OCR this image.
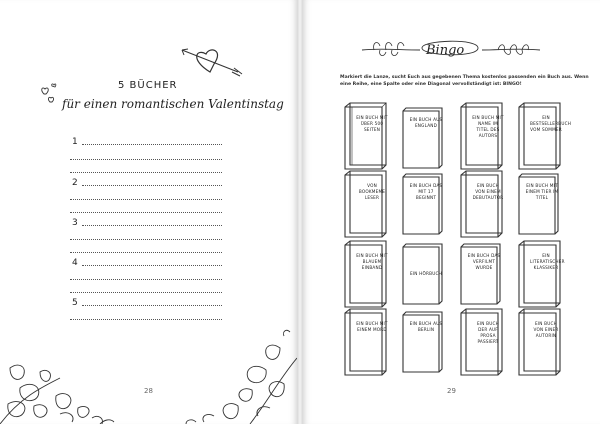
5 BÜCHER
für einen romantischen Valentinstag
1
2
3
4
5
28
Bingo
Markiert die Lanze, sucht Euch aus gegebenen Thema kostenlos passenden ein Buch aus. Wenn eine Reihe, eine Spalte oder eine Diagonal vervollständigt ist: BINGO!
EIN BUCH MIT ÜBER 500 SEITEN
EIN BUCH AUS ENGLAND
EIN BUCH MIT NAME IM TITEL DES AUTORS
EIN BESTSELLERBUCH VOM SOMMER
VON BOOKMEME LESER
EIN BUCH DAS MIT 17 BEGINNT
EIN BUCH VON EINEM DEBUTAUTOR
EIN BUCH MIT EINEM TIER IM TITEL
EIN BUCH MIT BLAUEM EINBAND
EIN HÖRBUCH
EIN BUCH DAS VERFILMT WURDE
EIN LITERATISCHER KLASSIKER
EIN BUCH MIT EINEM MORD
EIN BUCH AUS BERLIN
EIN BUCH DER AUF PROSA PASSIERT
EIN BUCH VON EINER AUTORIN
29
